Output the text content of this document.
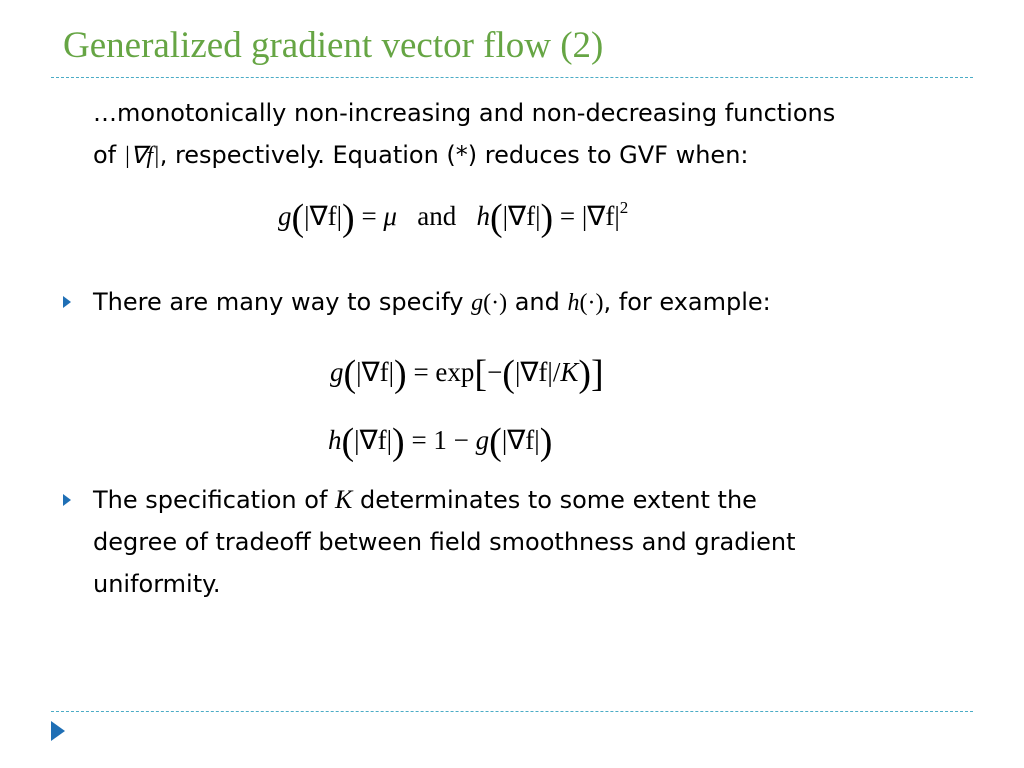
Generalized gradient vector flow (2)
…monotonically non-increasing and non-decreasing functions
of |∇f|, respectively. Equation (*) reduces to GVF when:
g(|∇f|) = μ and $h(|\nabla f|) = |\nabla f|^2$
There are many way to specify g(·) and h(·), for example:
g(|∇f|) = exp[−(|∇f|/K)]
h(|∇f|) = 1 − g(|∇f|)
The specification of K determinates to some extent the
degree of tradeoff between field smoothness and gradient
uniformity.
